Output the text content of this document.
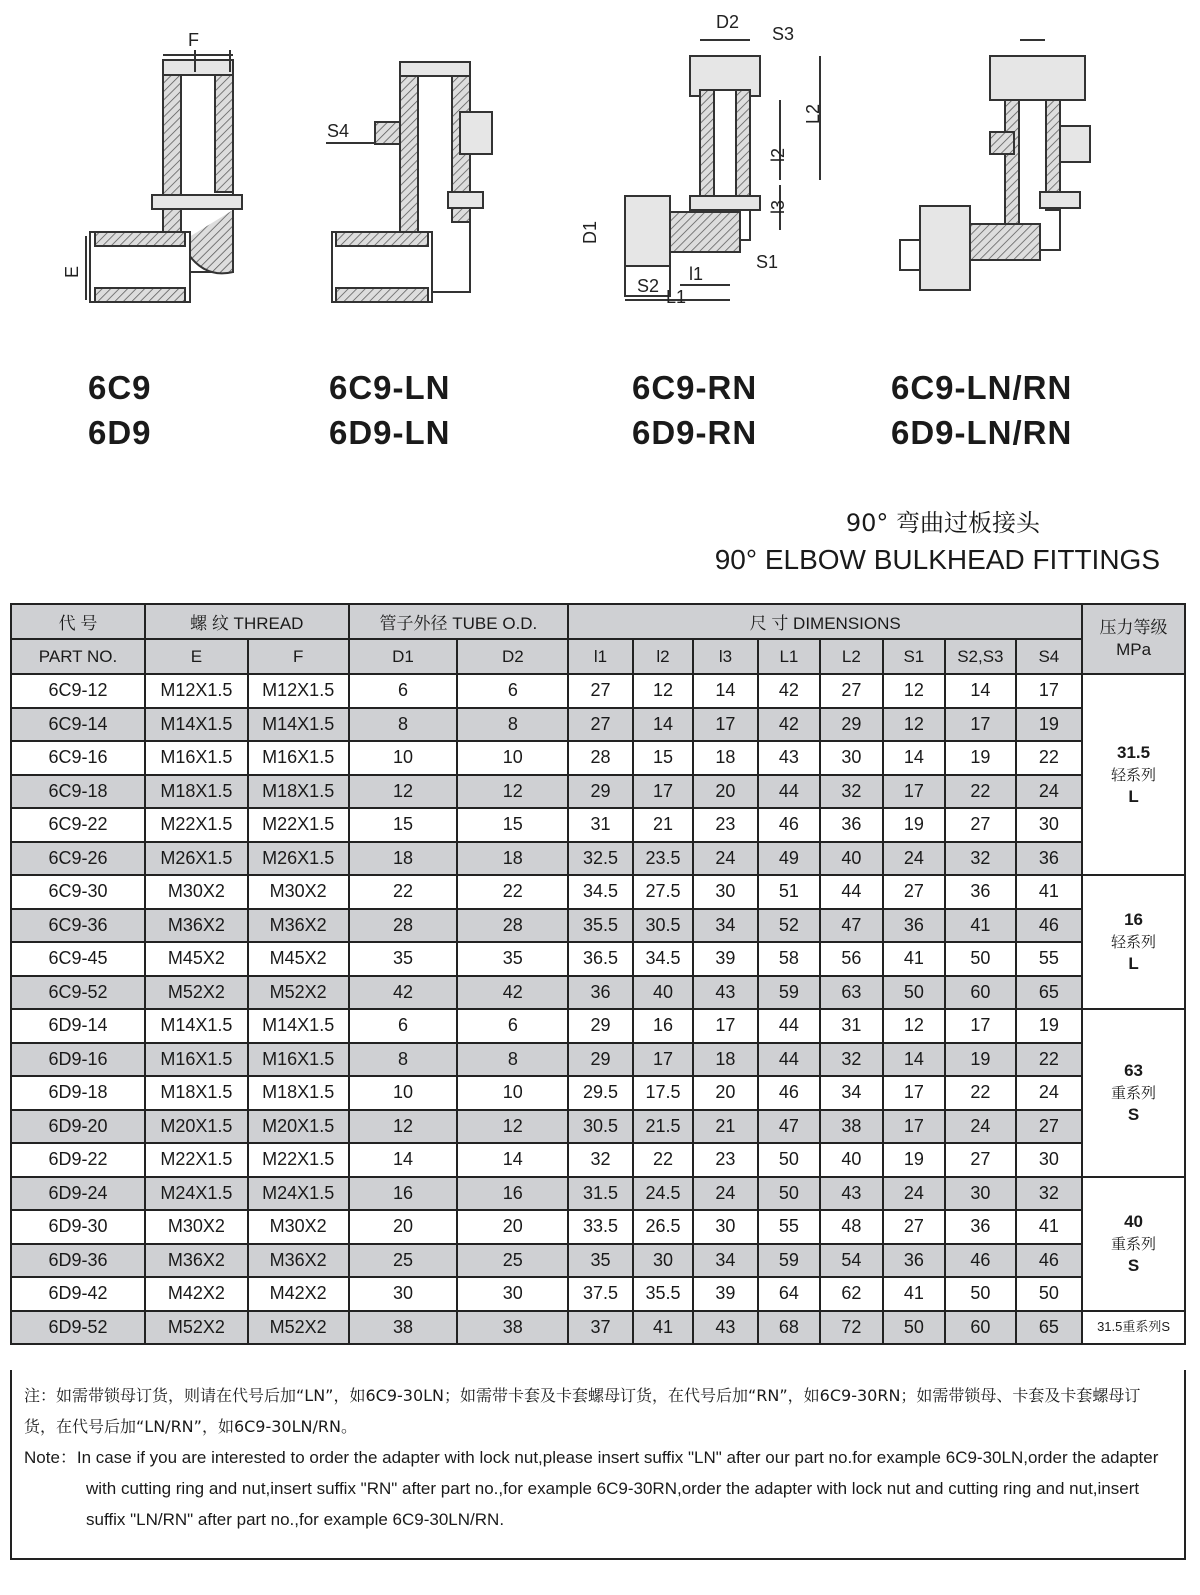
F
E
S4
D2
S3
L2
l2
l3
D1
S1
S2
l1
L1
6C9
6D9
6C9-LN
6D9-LN
6C9-RN
6D9-RN
6C9-LN/RN
6D9-LN/RN
90° 弯曲过板接头
90° ELBOW BULKHEAD FITTINGS
代 号	螺 纹 THREAD		管子外径 TUBE O.D.		尺 寸 DIMENSIONS								压力等级 MPa
PART NO.	E	F	D1	D2	l1	l2	l3	L1	L2	S1	S2,S3	S4	
6C9-12	M12X1.5	M12X1.5	6	6	27	12	14	42	27	12	14	17	31.5
轻系列
L

6C9-14	M14X1.5	M14X1.5	8	8	27	14	17	42	29	12	17	19	
6C9-16	M16X1.5	M16X1.5	10	10	28	15	18	43	30	14	19	22	
6C9-18	M18X1.5	M18X1.5	12	12	29	17	20	44	32	17	22	24	
6C9-22	M22X1.5	M22X1.5	15	15	31	21	23	46	36	19	27	30	
6C9-26	M26X1.5	M26X1.5	18	18	32.5	23.5	24	49	40	24	32	36	
6C9-30	M30X2	M30X2	22	22	34.5	27.5	30	51	44	27	36	41	16
轻系列
L

6C9-36	M36X2	M36X2	28	28	35.5	30.5	34	52	47	36	41	46	
6C9-45	M45X2	M45X2	35	35	36.5	34.5	39	58	56	41	50	55	
6C9-52	M52X2	M52X2	42	42	36	40	43	59	63	50	60	65	
6D9-14	M14X1.5	M14X1.5	6	6	29	16	17	44	31	12	17	19	63
重系列
S

6D9-16	M16X1.5	M16X1.5	8	8	29	17	18	44	32	14	19	22	
6D9-18	M18X1.5	M18X1.5	10	10	29.5	17.5	20	46	34	17	22	24	
6D9-20	M20X1.5	M20X1.5	12	12	30.5	21.5	21	47	38	17	24	27	
6D9-22	M22X1.5	M22X1.5	14	14	32	22	23	50	40	19	27	30	
6D9-24	M24X1.5	M24X1.5	16	16	31.5	24.5	24	50	43	24	30	32	40
重系列
S

6D9-30	M30X2	M30X2	20	20	33.5	26.5	30	55	48	27	36	41	
6D9-36	M36X2	M36X2	25	25	35	30	34	59	54	36	46	46	
6D9-42	M42X2	M42X2	30	30	37.5	35.5	39	64	62	41	50	50	
6D9-52	M52X2	M52X2	38	38	37	41	43	68	72	50	60	65	31.5重系列S
注：如需带锁母订货，则请在代号后加“LN”，如6C9-30LN；如需带卡套及卡套螺母订货，在代号后加“RN”，如6C9-30RN；如需带锁母、卡套及卡套螺母订货，在代号后加“LN/RN”，如6C9-30LN/RN。
Note：In case if you are interested to order the adapter with lock nut,please insert suffix "LN" after our part no.for example 6C9-30LN,order the adapter with cutting ring and nut,insert suffix "RN" after part no.,for example 6C9-30RN,order the adapter with lock nut and cutting ring and nut,insert suffix "LN/RN" after part no.,for example 6C9-30LN/RN.
